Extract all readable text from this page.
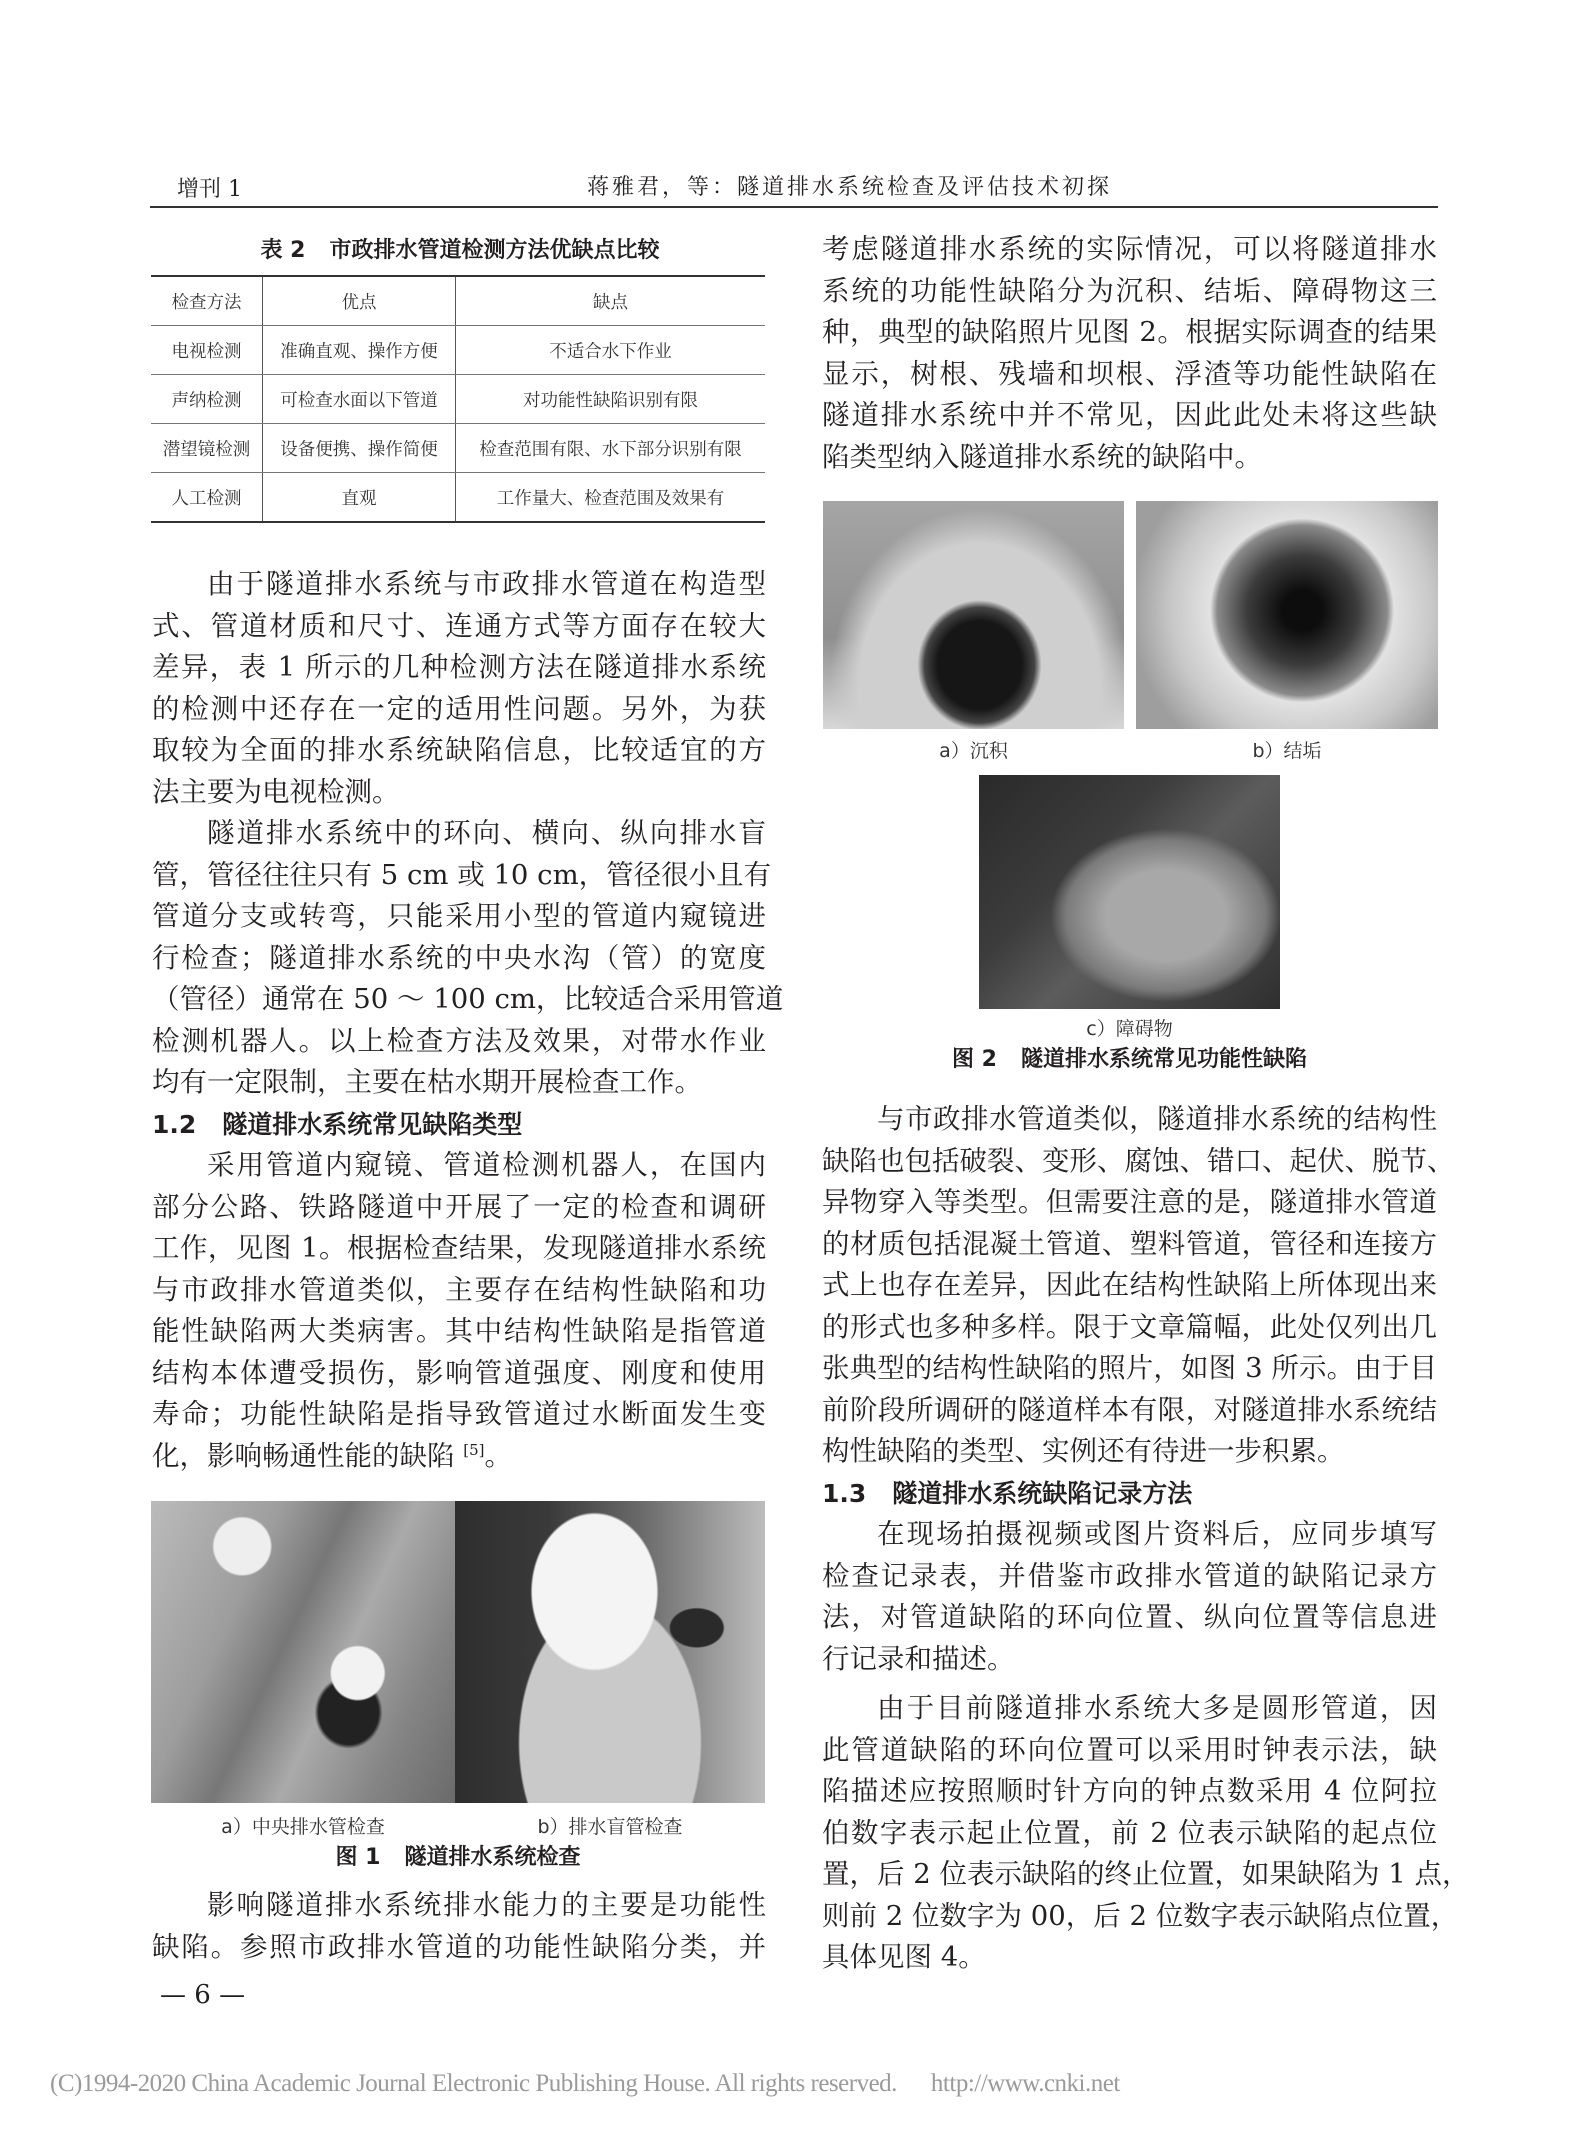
增刊 1	蒋雅君，等：隧道排水系统检查及评估技术初探
表 2 市政排水管道检测方法优缺点比较
检查方法	优点	缺点
电视检测	准确直观、操作方便	不适合水下作业
声纳检测	可检查水面以下管道	对功能性缺陷识别有限
潜望镜检测	设备便携、操作简便	检查范围有限、水下部分识别有限
人工检测	直观	工作量大、检查范围及效果有
由于隧道排水系统与市政排水管道在构造型
式、管道材质和尺寸、连通方式等方面存在较大
差异，表 1 所示的几种检测方法在隧道排水系统
的检测中还存在一定的适用性问题。另外，为获
取较为全面的排水系统缺陷信息，比较适宜的方
法主要为电视检测。
隧道排水系统中的环向、横向、纵向排水盲
管，管径往往只有 5 cm 或 10 cm，管径很小且有
管道分支或转弯，只能采用小型的管道内窥镜进
行检查；隧道排水系统的中央水沟（管）的宽度
（管径）通常在 50 ～ 100 cm，比较适合采用管道
检测机器人。以上检查方法及效果，对带水作业
均有一定限制，主要在枯水期开展检查工作。
1.2 隧道排水系统常见缺陷类型
采用管道内窥镜、管道检测机器人，在国内
部分公路、铁路隧道中开展了一定的检查和调研
工作，见图 1。根据检查结果，发现隧道排水系统
与市政排水管道类似，主要存在结构性缺陷和功
能性缺陷两大类病害。其中结构性缺陷是指管道
结构本体遭受损伤，影响管道强度、刚度和使用
寿命；功能性缺陷是指导致管道过水断面发生变
化，影响畅通性能的缺陷 [5]。
a）中央排水管检查	b）排水盲管检查
图 1 隧道排水系统检查
影响隧道排水系统排水能力的主要是功能性
缺陷。参照市政排水管道的功能性缺陷分类，并
— 6 —
考虑隧道排水系统的实际情况，可以将隧道排水
系统的功能性缺陷分为沉积、结垢、障碍物这三
种，典型的缺陷照片见图 2。根据实际调查的结果
显示，树根、残墙和坝根、浮渣等功能性缺陷在
隧道排水系统中并不常见，因此此处未将这些缺
陷类型纳入隧道排水系统的缺陷中。
a）沉积	b）结垢
c）障碍物
图 2 隧道排水系统常见功能性缺陷
与市政排水管道类似，隧道排水系统的结构性
缺陷也包括破裂、变形、腐蚀、错口、起伏、脱节、
异物穿入等类型。但需要注意的是，隧道排水管道
的材质包括混凝土管道、塑料管道，管径和连接方
式上也存在差异，因此在结构性缺陷上所体现出来
的形式也多种多样。限于文章篇幅，此处仅列出几
张典型的结构性缺陷的照片，如图 3 所示。由于目
前阶段所调研的隧道样本有限，对隧道排水系统结
构性缺陷的类型、实例还有待进一步积累。
1.3 隧道排水系统缺陷记录方法
在现场拍摄视频或图片资料后，应同步填写
检查记录表，并借鉴市政排水管道的缺陷记录方
法，对管道缺陷的环向位置、纵向位置等信息进
行记录和描述。
由于目前隧道排水系统大多是圆形管道，因
此管道缺陷的环向位置可以采用时钟表示法，缺
陷描述应按照顺时针方向的钟点数采用 4 位阿拉
伯数字表示起止位置，前 2 位表示缺陷的起点位
置，后 2 位表示缺陷的终止位置，如果缺陷为 1 点，
则前 2 位数字为 00，后 2 位数字表示缺陷点位置，
具体见图 4。
(C)1994-2020 China Academic Journal Electronic Publishing House. All rights reserved. http://www.cnki.net
